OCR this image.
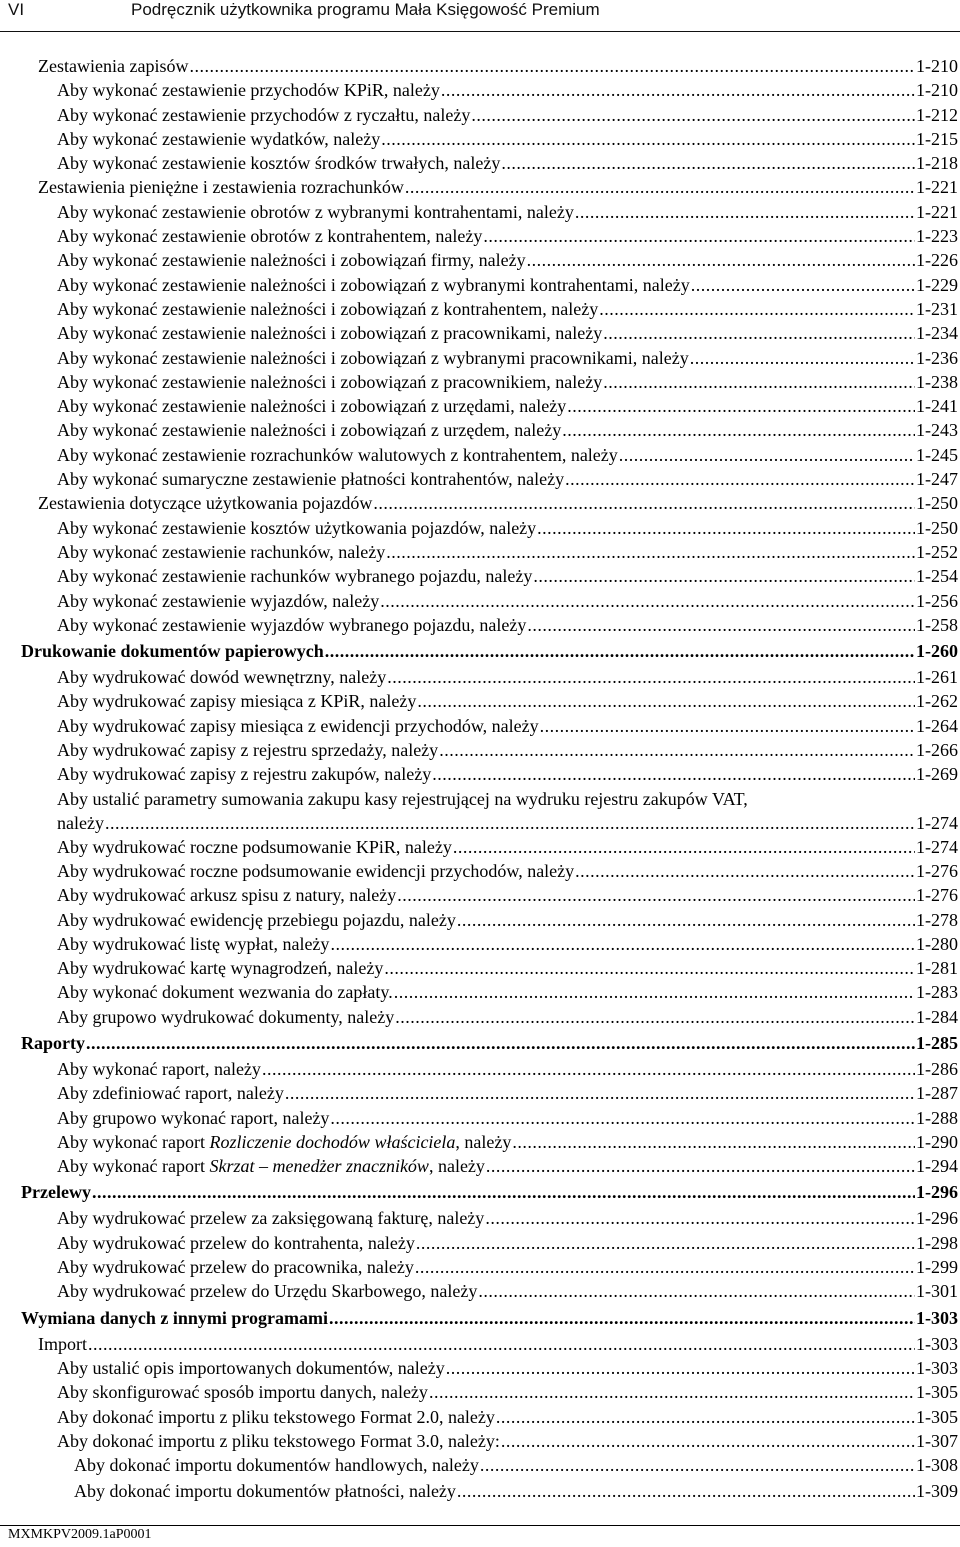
VI	Podręcznik użytkownika programu Mała Księgowość Premium
Zestawienia zapisów .....	1-210
Aby wykonać zestawienie przychodów KPiR, należy .....	1-210
Aby wykonać zestawienie przychodów z ryczałtu, należy .....	1-212
Aby wykonać zestawienie wydatków, należy .....	1-215
Aby wykonać zestawienie kosztów środków trwałych, należy .....	1-218
Zestawienia pieniężne i zestawienia rozrachunków .....	1-221
Aby wykonać zestawienie obrotów z wybranymi kontrahentami, należy .....	1-221
Aby wykonać zestawienie obrotów z kontrahentem, należy .....	1-223
Aby wykonać zestawienie należności i zobowiązań firmy, należy .....	1-226
Aby wykonać zestawienie należności i zobowiązań z wybranymi kontrahentami, należy .....	1-229
Aby wykonać zestawienie należności i zobowiązań z kontrahentem, należy .....	1-231
Aby wykonać zestawienie należności i zobowiązań z pracownikami, należy .....	1-234
Aby wykonać zestawienie należności i zobowiązań z wybranymi pracownikami, należy .....	1-236
Aby wykonać zestawienie należności i zobowiązań z pracownikiem, należy .....	1-238
Aby wykonać zestawienie należności i zobowiązań z urzędami, należy .....	1-241
Aby wykonać zestawienie należności i zobowiązań z urzędem, należy .....	1-243
Aby wykonać zestawienie rozrachunków walutowych z kontrahentem, należy .....	1-245
Aby wykonać sumaryczne zestawienie płatności kontrahentów, należy .....	1-247
Zestawienia dotyczące użytkowania pojazdów .....	1-250
Aby wykonać zestawienie kosztów użytkowania pojazdów, należy .....	1-250
Aby wykonać zestawienie rachunków, należy .....	1-252
Aby wykonać zestawienie rachunków wybranego pojazdu, należy .....	1-254
Aby wykonać zestawienie wyjazdów, należy .....	1-256
Aby wykonać zestawienie wyjazdów wybranego pojazdu, należy .....	1-258
Drukowanie dokumentów papierowych .....	1-260
Aby wydrukować dowód wewnętrzny, należy .....	1-261
Aby wydrukować zapisy miesiąca z KPiR, należy .....	1-262
Aby wydrukować zapisy miesiąca z ewidencji przychodów, należy .....	1-264
Aby wydrukować zapisy z rejestru sprzedaży, należy .....	1-266
Aby wydrukować zapisy z rejestru zakupów, należy .....	1-269
Aby ustalić parametry sumowania zakupu kasy rejestrującej na wydruku rejestru zakupów VAT,
należy .....	1-274
Aby wydrukować roczne podsumowanie KPiR, należy .....	1-274
Aby wydrukować roczne podsumowanie ewidencji przychodów, należy .....	1-276
Aby wydrukować arkusz spisu z natury, należy .....	1-276
Aby wydrukować ewidencję przebiegu pojazdu, należy .....	1-278
Aby wydrukować listę wypłat, należy .....	1-280
Aby wydrukować kartę wynagrodzeń, należy .....	1-281
Aby wykonać dokument wezwania do zapłaty. .....	1-283
Aby grupowo wydrukować dokumenty, należy .....	1-284
Raporty .....	1-285
Aby wykonać raport, należy .....	1-286
Aby zdefiniować raport, należy .....	1-287
Aby grupowo wykonać raport, należy .....	1-288
Aby wykonać raport Rozliczenie dochodów właściciela, należy .....	1-290
Aby wykonać raport Skrzat – menedżer znaczników, należy .....	1-294
Przelewy .....	1-296
Aby wydrukować przelew za zaksięgowaną fakturę, należy .....	1-296
Aby wydrukować przelew do kontrahenta, należy .....	1-298
Aby wydrukować przelew do pracownika, należy .....	1-299
Aby wydrukować przelew do Urzędu Skarbowego, należy .....	1-301
Wymiana danych z innymi programami .....	1-303
Import .....	1-303
Aby ustalić opis importowanych dokumentów, należy .....	1-303
Aby skonfigurować sposób importu danych, należy .....	1-305
Aby dokonać importu z pliku tekstowego Format 2.0, należy .....	1-305
Aby dokonać importu z pliku tekstowego Format 3.0, należy: .....	1-307
Aby dokonać importu dokumentów handlowych, należy .....	1-308
Aby dokonać importu dokumentów płatności, należy .....	1-309
MXMKPV2009.1aP0001
